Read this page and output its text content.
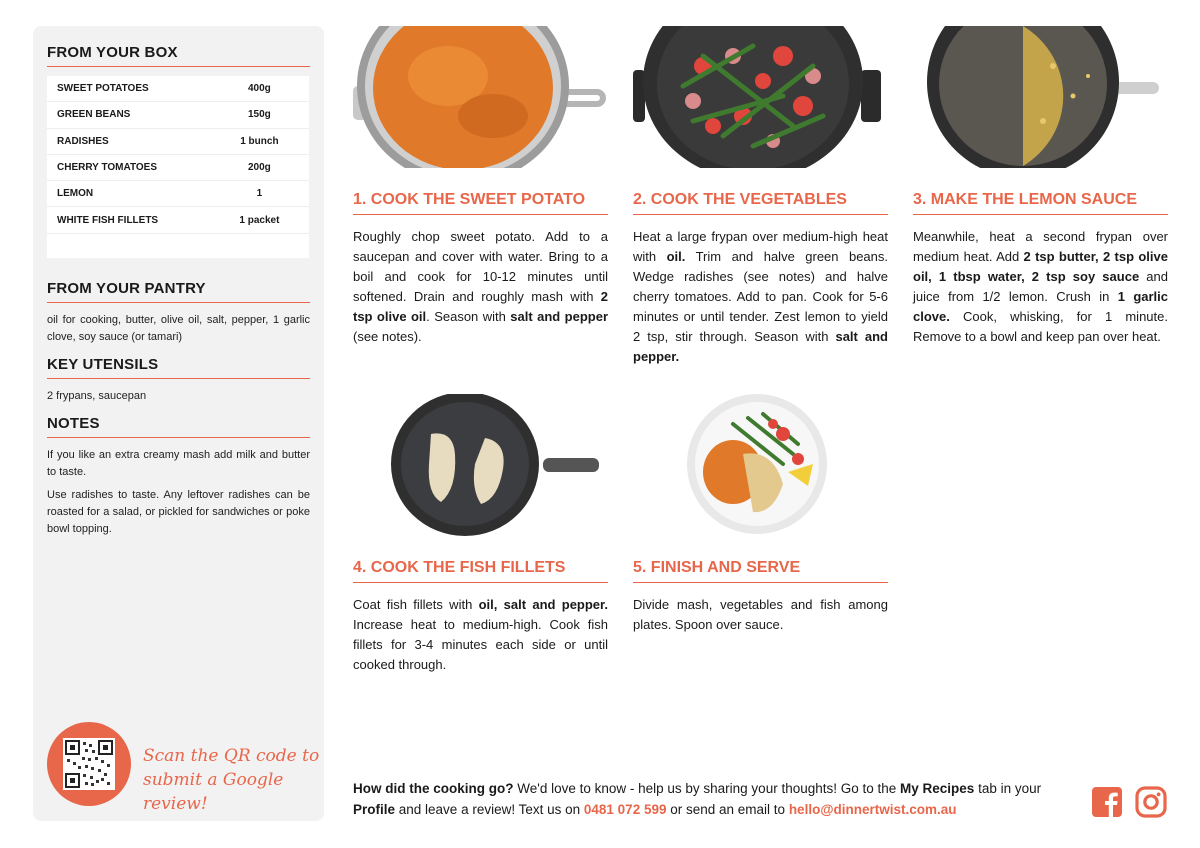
FROM YOUR BOX
SWEET POTATOES	400g
GREEN BEANS	150g
RADISHES	1 bunch
CHERRY TOMATOES	200g
LEMON	1
WHITE FISH FILLETS	1 packet
FROM YOUR PANTRY

oil for cooking, butter, olive oil, salt, pepper, 1 garlic clove, soy sauce (or tamari)

KEY UTENSILS

2 frypans, saucepan

NOTES

If you like an extra creamy mash add milk and butter to taste.

Use radishes to taste. Any leftover radishes can be roasted for a salad, or pickled for sandwiches or poke bowl topping.

Scan the QR code to
submit a Google review!
1. COOK THE SWEET POTATO

Roughly chop sweet potato. Add to a saucepan and cover with water. Bring to a boil and cook for 10-12 minutes until softened. Drain and roughly mash with 2 tsp olive oil. Season with salt and pepper (see notes).

2. COOK THE VEGETABLES

Heat a large frypan over medium-high heat with oil. Trim and halve green beans. Wedge radishes (see notes) and halve cherry tomatoes. Add to pan. Cook for 5-6 minutes or until tender. Zest lemon to yield 2 tsp, stir through. Season with salt and pepper.

3. MAKE THE LEMON SAUCE

Meanwhile, heat a second frypan over medium heat. Add 2 tsp butter, 2 tsp olive oil, 1 tbsp water, 2 tsp soy sauce and juice from 1/2 lemon. Crush in 1 garlic clove. Cook, whisking, for 1 minute. Remove to a bowl and keep pan over heat.

4. COOK THE FISH FILLETS

Coat fish fillets with oil, salt and pepper. Increase heat to medium-high. Cook fish fillets for 3-4 minutes each side or until cooked through.

5. FINISH AND SERVE

Divide mash, vegetables and fish among plates. Spoon over sauce.

How did the cooking go? We'd love to know - help us by sharing your thoughts! Go to the My Recipes tab in your Profile and leave a review! Text us on 0481 072 599 or send an email to hello@dinnertwist.com.au
